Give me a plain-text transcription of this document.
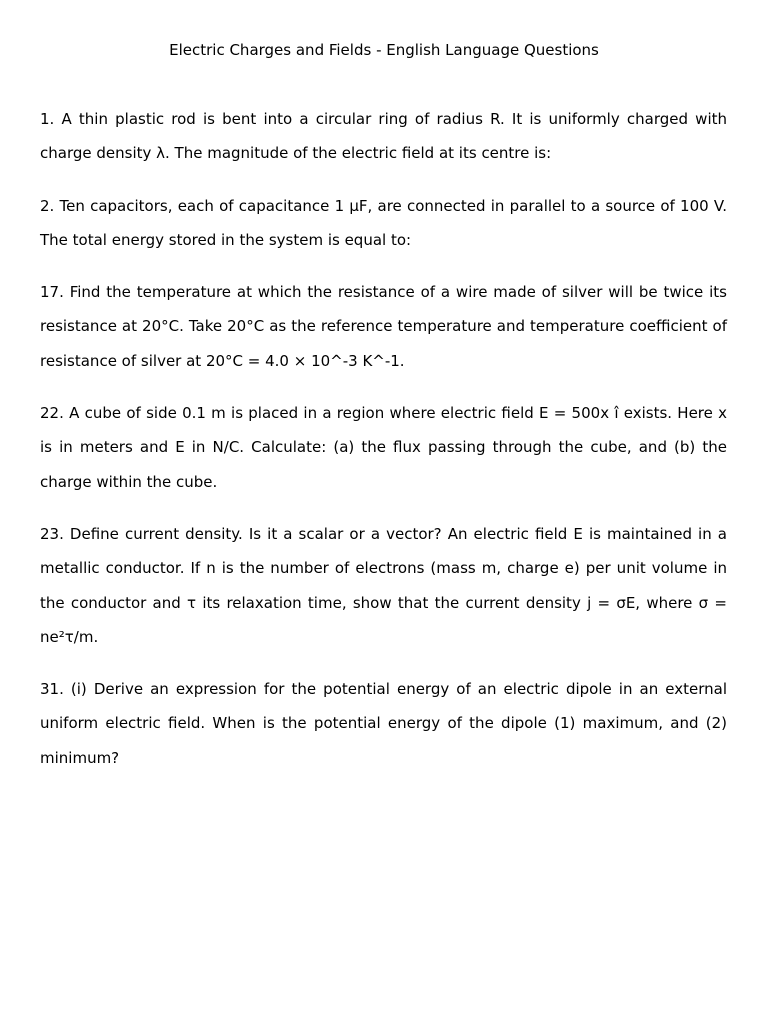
Electric Charges and Fields - English Language Questions
1. A thin plastic rod is bent into a circular ring of radius R. It is uniformly charged with charge density λ. The magnitude of the electric field at its centre is:
2. Ten capacitors, each of capacitance 1 μF, are connected in parallel to a source of 100 V. The total energy stored in the system is equal to:
17. Find the temperature at which the resistance of a wire made of silver will be twice its resistance at 20°C. Take 20°C as the reference temperature and temperature coefficient of resistance of silver at 20°C = 4.0 × 10^-3 K^-1.
22. A cube of side 0.1 m is placed in a region where electric field E = 500x î exists. Here x is in meters and E in N/C. Calculate: (a) the flux passing through the cube, and (b) the charge within the cube.
23. Define current density. Is it a scalar or a vector? An electric field E is maintained in a metallic conductor. If n is the number of electrons (mass m, charge e) per unit volume in the conductor and τ its relaxation time, show that the current density j = σE, where σ = ne²τ/m.
31. (i) Derive an expression for the potential energy of an electric dipole in an external uniform electric field. When is the potential energy of the dipole (1) maximum, and (2) minimum?
